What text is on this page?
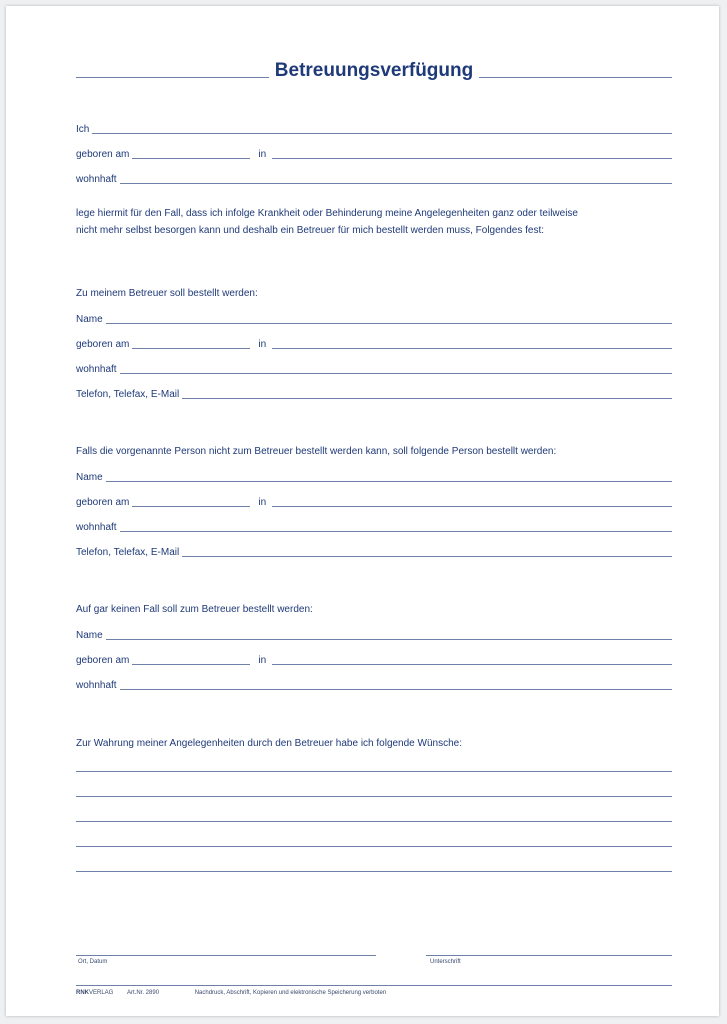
Betreuungsverfügung
Ich
geboren am	in
wohnhaft
lege hiermit für den Fall, dass ich infolge Krankheit oder Behinderung meine Angelegenheiten ganz oder teilweise
nicht mehr selbst besorgen kann und deshalb ein Betreuer für mich bestellt werden muss, Folgendes fest:
Zu meinem Betreuer soll bestellt werden:
Name
geboren am	in
wohnhaft
Telefon, Telefax, E-Mail
Falls die vorgenannte Person nicht zum Betreuer bestellt werden kann, soll folgende Person bestellt werden:
Name
geboren am	in
wohnhaft
Telefon, Telefax, E-Mail
Auf gar keinen Fall soll zum Betreuer bestellt werden:
Name
geboren am	in
wohnhaft
Zur Wahrung meiner Angelegenheiten durch den Betreuer habe ich folgende Wünsche:
Ort, Datum	Unterschrift
RNKVERLAG Art.Nr. 2890	Nachdruck, Abschrift, Kopieren und elektronische Speicherung verboten
